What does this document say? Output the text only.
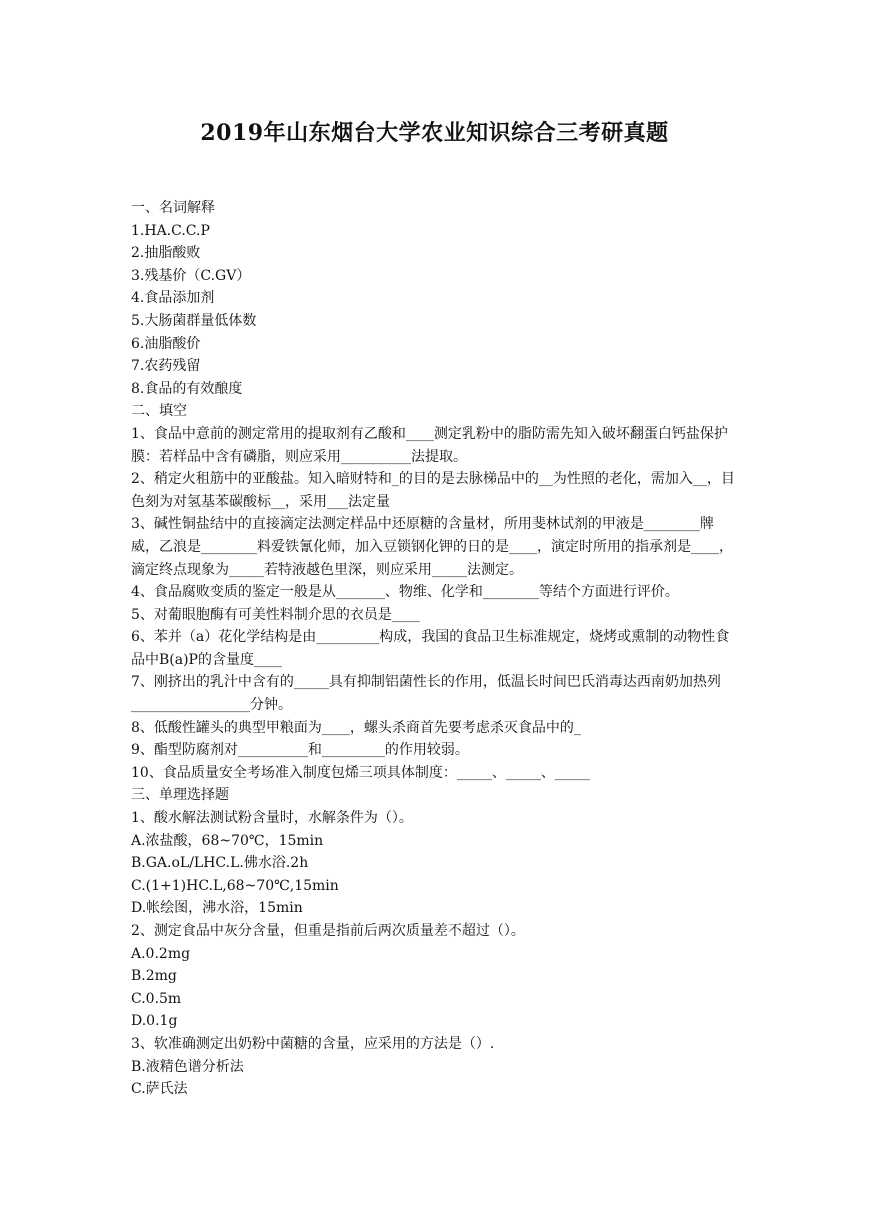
2019年山东烟台大学农业知识综合三考研真题

一、名词解释

1.HA.C.C.P

2.抽脂酸败

3.残基价（C.GV）

4.食品添加剂

5.大肠菌群量低体数

6.油脂酸价

7.农药残留

8.食品的有效酿度

二、填空

1、食品中意前的测定常用的提取剂有乙酸和____测定乳粉中的脂防需先知入破坏翻蛋白钙盐保护膜：若样品中含有磷脂，则应采用__________法提取。

2、稍定火租筋中的亚酸盐。知入暗财特和_的目的是去脉梯品中的__为性照的老化，需加入__，目色刻为对氢基苯碳酸标__，采用___法定量

3、碱性铜盐结中的直接滴定法测定样品中还原糖的含量材，所用斐林试剂的甲液是________牌威，乙浪是________料爱铁氰化师，加入豆锁钢化钾的日的是____，演定时所用的指承剂是____，滴定终点现象为_____若特液越色里深，则应采用_____法测定。

4、食品腐败变质的鉴定一般是从_______、物维、化学和________等结个方面进行评价。

5、对葡眼胞酶有可美性料制介思的衣员是____

6、苯并（a）花化学结构是由_________构成，我国的食品卫生标准规定，烧烤或熏制的动物性食品中B(a)P的含量度____

7、刚挤出的乳汁中含有的_____具有抑制铝菌性长的作用，低温长时间巴氏消毒达西南奶加热列_________________分钟。

8、低酸性罐头的典型甲粮面为____，螺头杀商首先要考虑杀灭食品中的_

9、酯型防腐剂对__________和_________的作用较弱。

10、食品质量安全考场准入制度包烯三项具体制度：_____、_____、_____

三、单理选择题

1、酸水解法测试粉含量时，水解条件为（）。

A.浓盐酸，68~70℃，15min

B.GA.oL/LHC.L.佛水浴.2h

C.(1+1)HC.L,68~70℃,15min

D.帐绘图，沸水浴，15min

2、测定食品中灰分含量，但重是指前后两次质量差不超过（）。

A.0.2mg

B.2mg

C.0.5m

D.0.1g

3、软准确测定出奶粉中菌糖的含量，应采用的方法是（）.

B.液精色谱分析法

C.萨氏法
